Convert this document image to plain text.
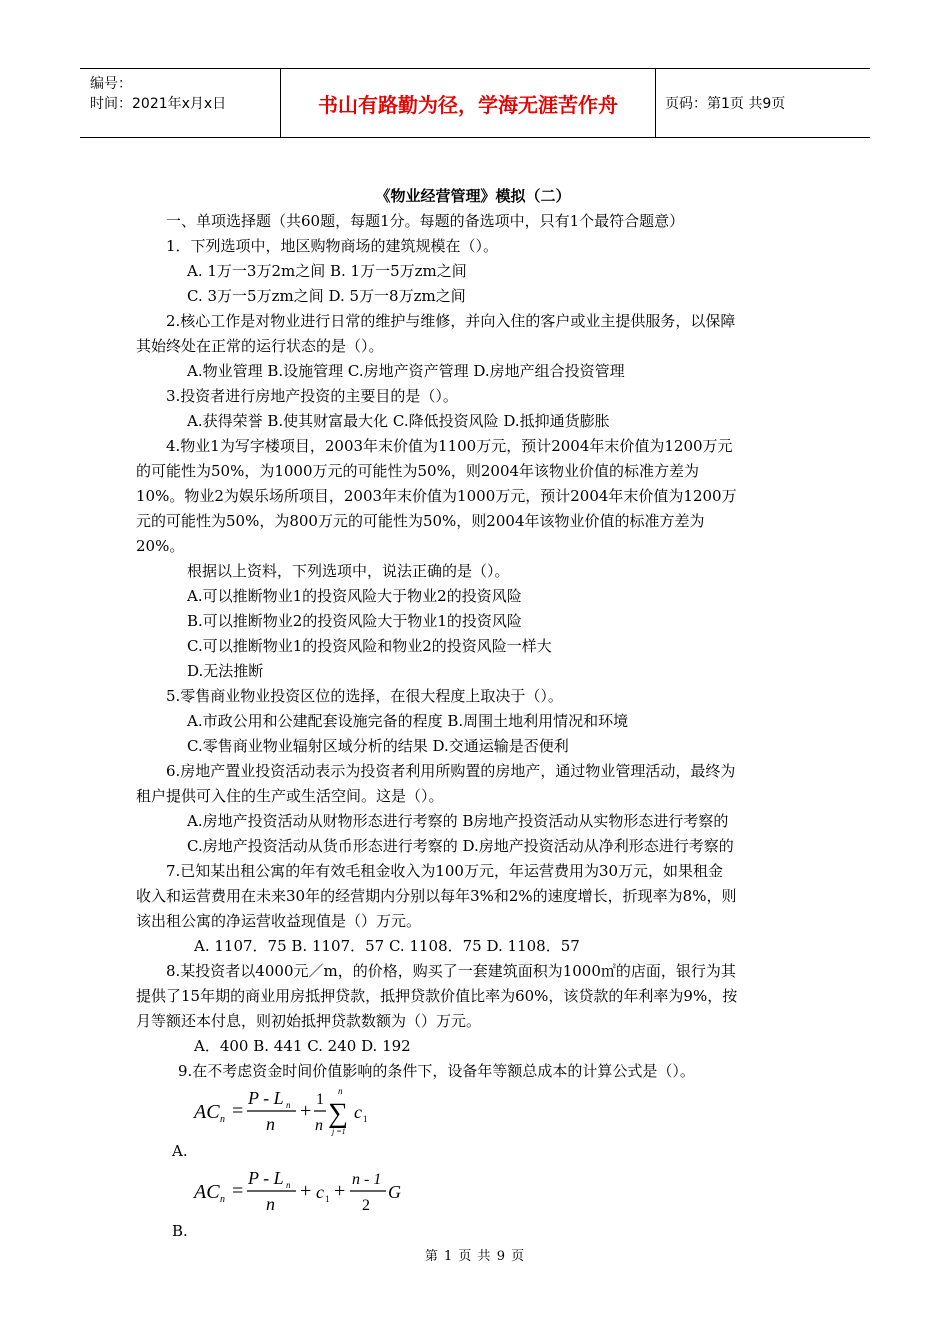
编号：
时间：2021年x月x日	书山有路勤为径，学海无涯苦作舟	页码：第1页 共9页
《物业经营管理》模拟（二）
一、单项选择题（共60题，每题1分。每题的备选项中，只有1个最符合题意）
1．下列选项中，地区购物商场的建筑规模在（）。
A. 1万一3万2m之间 B. 1万一5万zm之间
C. 3万一5万zm之间 D. 5万一8万zm之间
2.核心工作是对物业进行日常的维护与维修，并向入住的客户或业主提供服务，以保障
其始终处在正常的运行状态的是（）。
A.物业管理 B.设施管理 C.房地产资产管理 D.房地产组合投资管理
3.投资者进行房地产投资的主要目的是（）。
A.获得荣誉 B.使其财富最大化 C.降低投资风险 D.抵抑通货膨胀
4.物业1为写字楼项目，2003年末价值为1100万元，预计2004年末价值为1200万元
的可能性为50%，为1000万元的可能性为50%，则2004年该物业价值的标准方差为
10%。物业2为娱乐场所项目，2003年末价值为1000万元，预计2004年末价值为1200万
元的可能性为50%，为800万元的可能性为50%，则2004年该物业价值的标准方差为
20%。
根据以上资料，下列选项中，说法正确的是（）。
A.可以推断物业1的投资风险大于物业2的投资风险
B.可以推断物业2的投资风险大于物业1的投资风险
C.可以推断物业1的投资风险和物业2的投资风险一样大
D.无法推断
5.零售商业物业投资区位的选择，在很大程度上取决于（）。
A.市政公用和公建配套设施完备的程度 B.周围土地利用情况和环境
C.零售商业物业辐射区域分析的结果 D.交通运输是否便利
6.房地产置业投资活动表示为投资者利用所购置的房地产，通过物业管理活动，最终为
租户提供可入住的生产或生活空间。这是（）。
A.房地产投资活动从财物形态进行考察的 B房地产投资活动从实物形态进行考察的
C.房地产投资活动从货币形态进行考察的 D.房地产投资活动从净利形态进行考察的
7.已知某出租公寓的年有效毛租金收入为100万元，年运营费用为30万元，如果租金
收入和运营费用在未来30年的经营期内分别以每年3%和2%的速度增长，折现率为8%，则
该出租公寓的净运营收益现值是（）万元。
A. 1107．75 B. 1107．57 C. 1108．75 D. 1108．57
8.某投资者以4000元／m，的价格，购买了一套建筑面积为1000㎡的店面，银行为其
提供了15年期的商业用房抵押贷款，抵押贷款价值比率为60%，该贷款的年利率为9%，按
月等额还本付息，则初始抵押贷款数额为（）万元。
A．400 B. 441 C. 240 D. 192
9.在不考虑资金时间价值影响的条件下，设备年等额总成本的计算公式是（）。
AC n =
P - L n
n
+
1
n
n
∑
j =1
c 1
A.
AC n =
P - L n
n
+ c 1 +
n - 1
2
G
B.
第 1 页 共 9 页
